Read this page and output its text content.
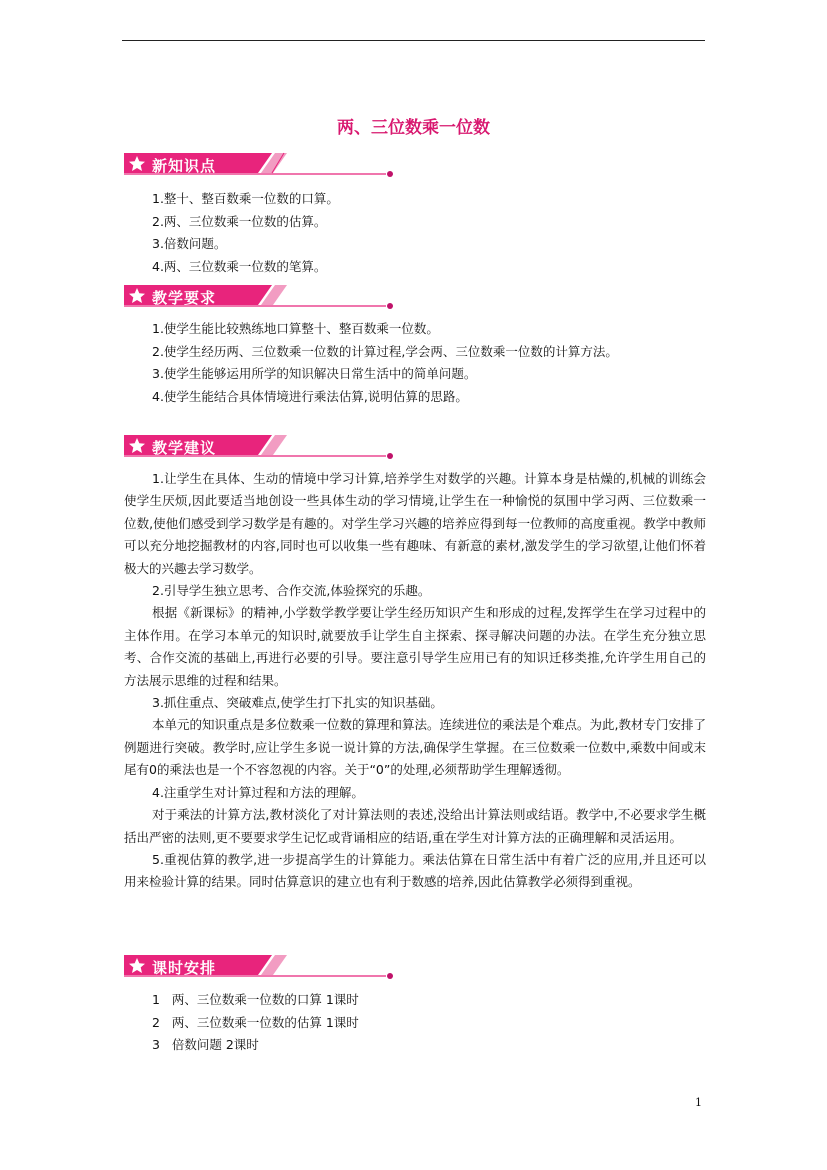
两、三位数乘一位数
新知识点
1.整十、整百数乘一位数的口算。
2.两、三位数乘一位数的估算。
3.倍数问题。
4.两、三位数乘一位数的笔算。
教学要求
1.使学生能比较熟练地口算整十、整百数乘一位数。
2.使学生经历两、三位数乘一位数的计算过程,学会两、三位数乘一位数的计算方法。
3.使学生能够运用所学的知识解决日常生活中的简单问题。
4.使学生能结合具体情境进行乘法估算,说明估算的思路。
教学建议

1.让学生在具体、生动的情境中学习计算,培养学生对数学的兴趣。计算本身是枯燥的,机械的训练会使学生厌烦,因此要适当地创设一些具体生动的学习情境,让学生在一种愉悦的氛围中学习两、三位数乘一位数,使他们感受到学习数学是有趣的。对学生学习兴趣的培养应得到每一位教师的高度重视。教学中教师可以充分地挖掘教材的内容,同时也可以收集一些有趣味、有新意的素材,激发学生的学习欲望,让他们怀着极大的兴趣去学习数学。

2.引导学生独立思考、合作交流,体验探究的乐趣。

根据《新课标》的精神,小学数学教学要让学生经历知识产生和形成的过程,发挥学生在学习过程中的主体作用。在学习本单元的知识时,就要放手让学生自主探索、探寻解决问题的办法。在学生充分独立思考、合作交流的基础上,再进行必要的引导。要注意引导学生应用已有的知识迁移类推,允许学生用自己的方法展示思维的过程和结果。

3.抓住重点、突破难点,使学生打下扎实的知识基础。

本单元的知识重点是多位数乘一位数的算理和算法。连续进位的乘法是个难点。为此,教材专门安排了例题进行突破。教学时,应让学生多说一说计算的方法,确保学生掌握。在三位数乘一位数中,乘数中间或末尾有0的乘法也是一个不容忽视的内容。关于“0”的处理,必须帮助学生理解透彻。

4.注重学生对计算过程和方法的理解。

对于乘法的计算方法,教材淡化了对计算法则的表述,没给出计算法则或结语。教学中,不必要求学生概括出严密的法则,更不要要求学生记忆或背诵相应的结语,重在学生对计算方法的正确理解和灵活运用。

5.重视估算的教学,进一步提高学生的计算能力。乘法估算在日常生活中有着广泛的应用,并且还可以用来检验计算的结果。同时估算意识的建立也有利于数感的培养,因此估算教学必须得到重视。

课时安排
1   两、三位数乘一位数的口算 1课时
2   两、三位数乘一位数的估算 1课时
3   倍数问题 2课时
1
